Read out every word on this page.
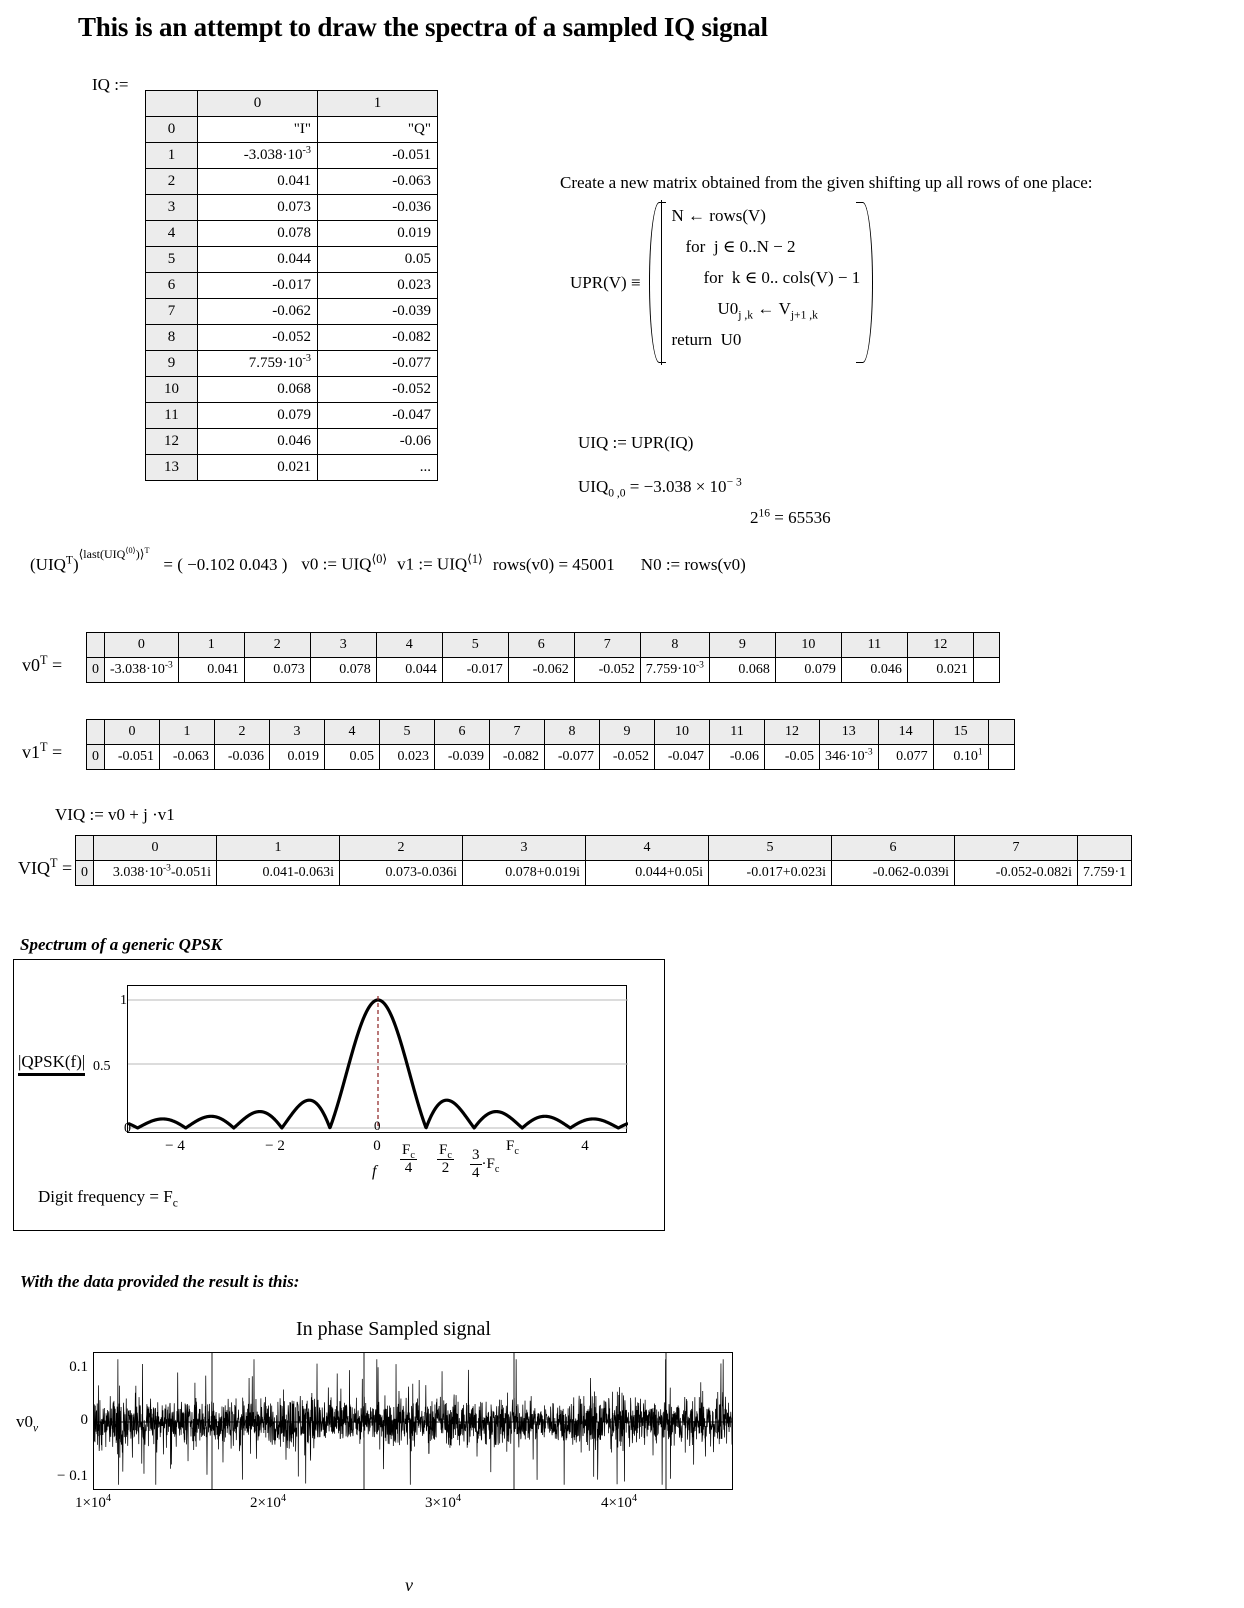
This is an attempt to draw the spectra of a sampled IQ signal
IQ :=
	0	1
0	"I"	"Q"
1	$-3.038\cdot 10^{-3}$	-0.051
2	0.041	-0.063
3	0.073	-0.036
4	0.078	0.019
5	0.044	0.05
6	-0.017	0.023
7	-0.062	-0.039
8	-0.052	-0.082
9	$7.759\cdot 10^{-3}$	-0.077
10	0.068	-0.052
11	0.079	-0.047
12	0.046	-0.06
13	0.021	...
Create a new matrix obtained from the given shifting up all rows of one place:
UPR(V) ≡
N ← rows(V)
for  j ∈ 0..N − 2
for  k ∈ 0.. cols(V) − 1
$U0_{j ,k}$ ← $V_{j+1 ,k}$
return  U0
UIQ := UPR(IQ)
$UIQ_{0 ,0} = -3.038 \times 10^{- 3}$
$2^{16} = 65536$
$(UIQ^T)^{⟨last(UIQ^{⟨0⟩})⟩^T}$
= ( −0.102 0.043 ) v0 := $UIQ^{⟨0⟩}$ v1 := $UIQ^{⟨1⟩}$ rows(v0) = 45001 N0 := rows(v0)
$v0^T$ =
	0	1	2	3	4	5	6	7	8	9	10	11	12	
0	$-3.038\cdot 10^{-3}$	0.041	0.073	0.078	0.044	-0.017	-0.062	-0.052	$7.759\cdot 10^{-3}$	0.068	0.079	0.046	0.021	
$v1^T$ =
	0	1	2	3	4	5	6	7	8	9	10	11	12	13	14	15	
0	-0.051	-0.063	-0.036	0.019	0.05	0.023	-0.039	-0.082	-0.077	-0.052	-0.047	-0.06	-0.05	$346\cdot 10^{-3}$	0.077	0.10$^1$	
VIQ := v0 + j ·v1
$VIQ^T$ =
	0	1	2	3	4	5	6	7	
0	$3.038\cdot 10^{-3}-0.051i$	0.041-0.063i	0.073-0.036i	0.078+0.019i	0.044+0.05i	-0.017+0.023i	-0.062-0.039i	-0.052-0.082i	7.759·1
Spectrum of a generic QPSK
|QPSK(f)|  0.5
1
0
− 4	− 2	0	4
f $\frac{F_c}{4} \frac{F_c}{2} \frac{3}{4} \cdot F_c$
$F_c$
0
Digit frequency = $F_c$
With the data provided the result is this:
In phase Sampled signal
0.1
0
− 0.1
$v0_\nu$
$1\times 10^4$	$2\times 10^4$	$3\times 10^4$	$4\times 10^4$
ν
